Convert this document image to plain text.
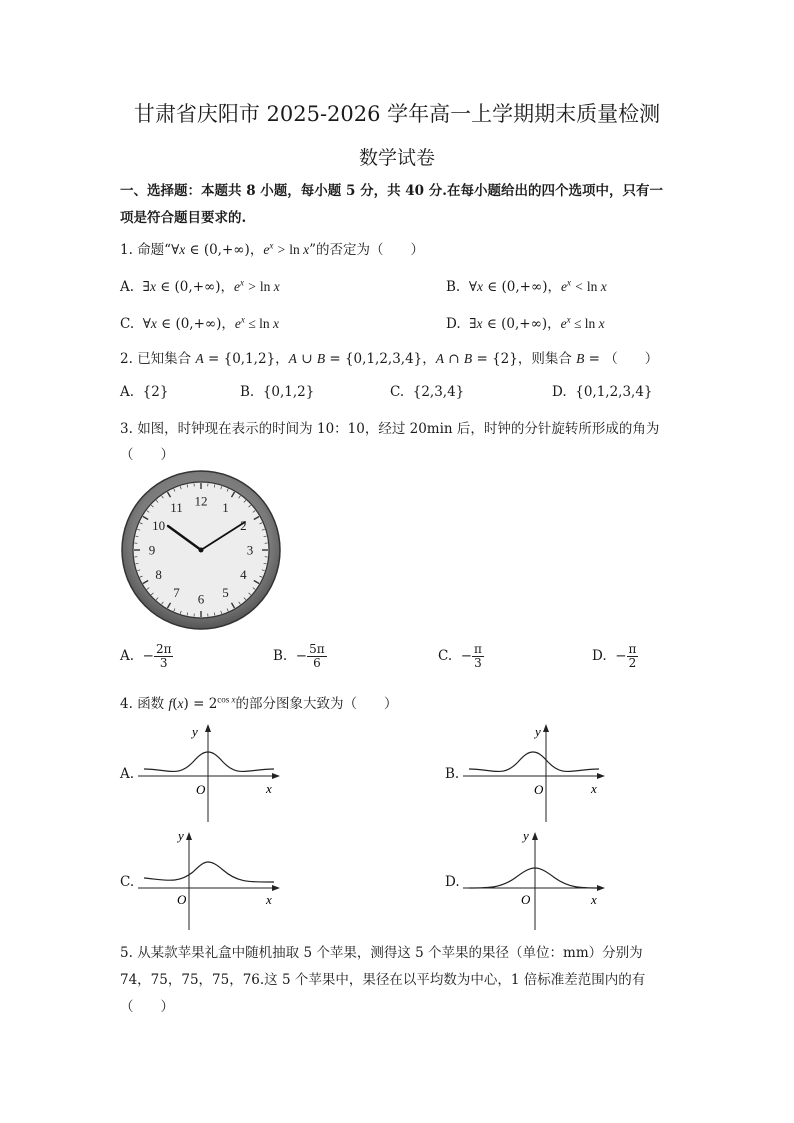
甘肃省庆阳市 2025-2026 学年高一上学期期末质量检测
数学试卷
一、选择题：本题共 8 小题，每小题 5 分，共 40 分.在每小题给出的四个选项中，只有一
项是符合题目要求的.
1. 命题“∀x ∈ (0,+∞)，$e^x > \ln x$”的否定为（　　）
A. ∃x ∈ (0,+∞)，$e^x > \ln x$	B. ∀x ∈ (0,+∞)，$e^x < \ln x$
C. ∀x ∈ (0,+∞)，$e^x \le \ln x$	D. ∃x ∈ (0,+∞)，$e^x \le \ln x$
2. 已知集合 A = {0,1,2}，A ∪ B = {0,1,2,3,4}，A ∩ B = {2}，则集合 B = （　　）
A. {2}	B. {0,1,2}	C. {2,3,4}	D. {0,1,2,3,4}
3. 如图，时钟现在表示的时间为 10：10，经过 20min 后，时钟的分针旋转所形成的角为
（　　）
12 1
2
3
4
5
6
7
8
9
10
11
A.  − $\frac{2\pi}{3}$	B.  − $\frac{5\pi}{6}$	C.  − $\frac{\pi}{3}$	D.  − $\frac{\pi}{2}$
4. 函数 $f(x) = 2^{cos x}$的部分图象大致为（　　）
A.
y
x
O
B.
y
x
O
C.
y
x
O
D.
y
x
O
5. 从某款苹果礼盒中随机抽取 5 个苹果，测得这 5 个苹果的果径（单位：mm）分别为
74，75，75，75，76.这 5 个苹果中，果径在以平均数为中心，1 倍标准差范围内的有
（　　）
